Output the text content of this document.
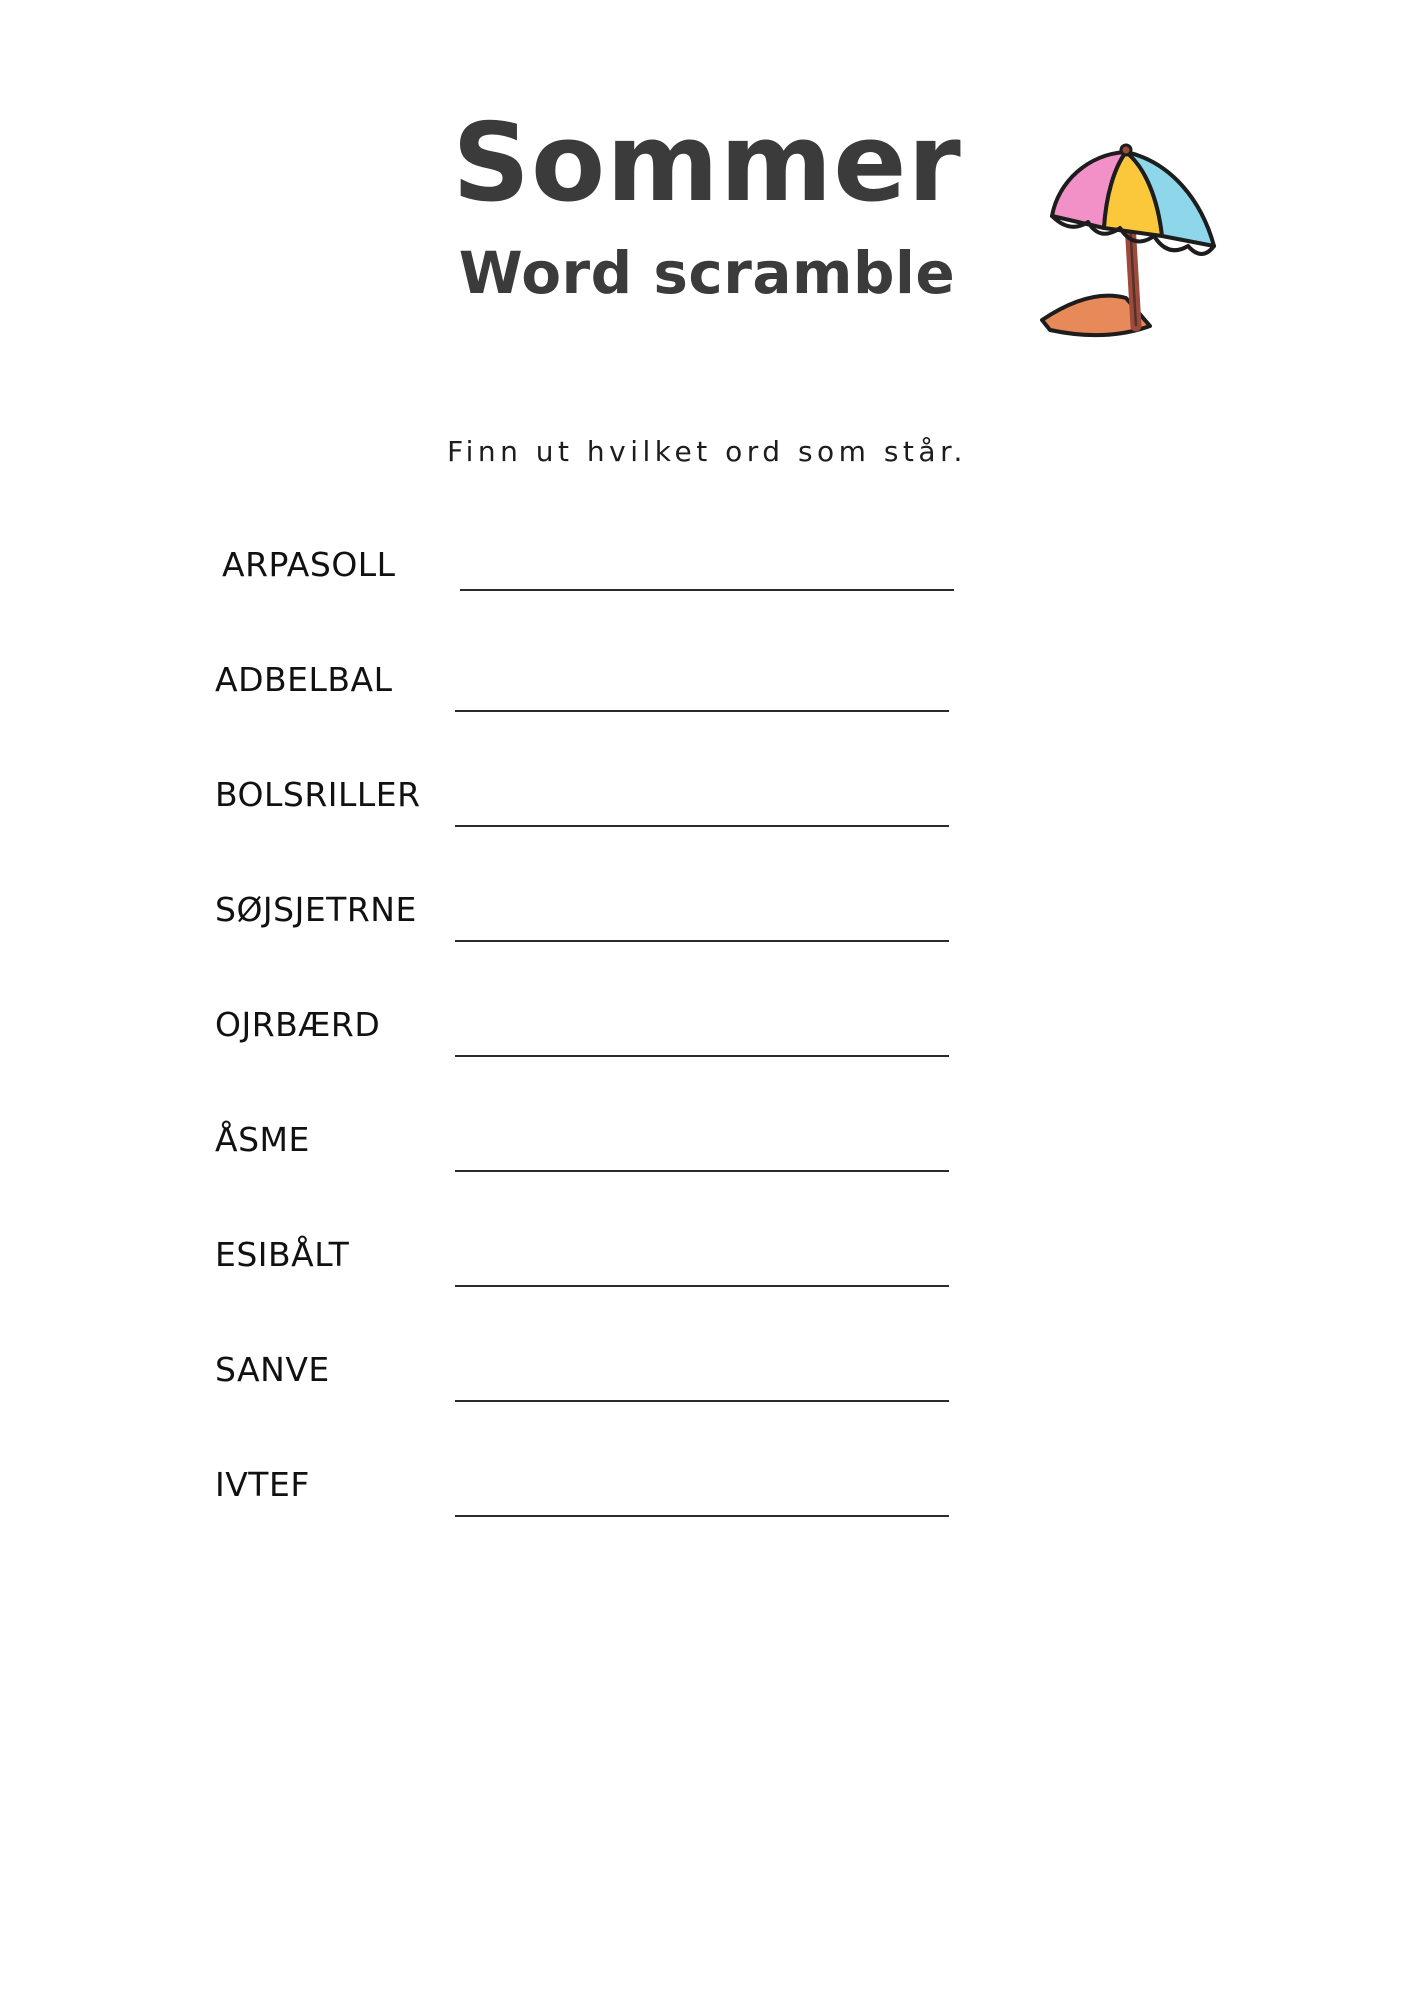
Sommer
Word scramble

Finn ut hvilket ord som står.

ARPASOLL
ADBELBAL
BOLSRILLER
SØJSJETRNE
OJRBÆRD
ÅSME
ESIBÅLT
SANVE
IVTEF
